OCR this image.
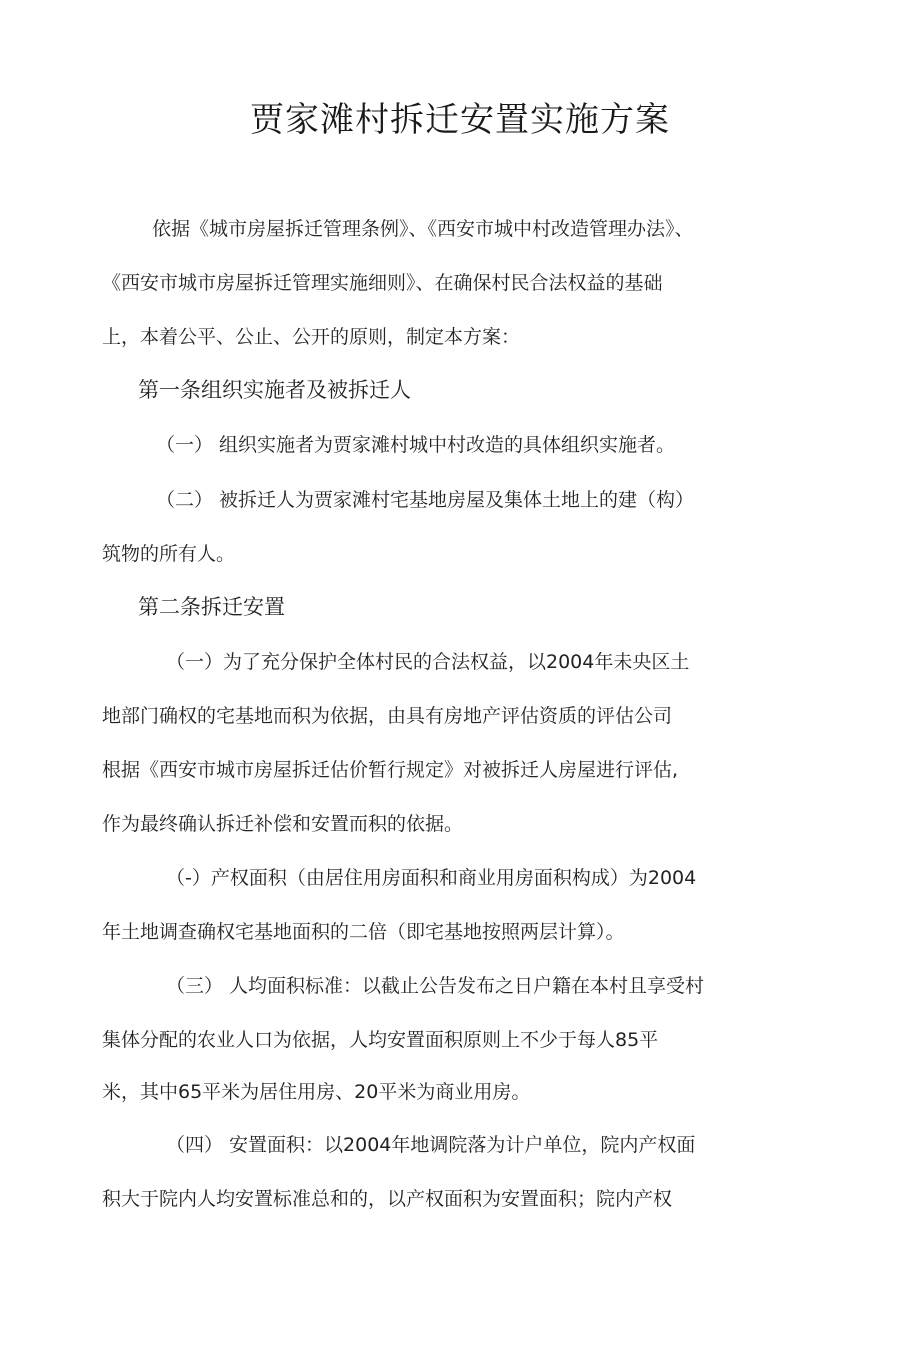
贾家滩村拆迁安置实施方案
依据《城市房屋拆迁管理条例》、《西安市城中村改造管理办法》、
《西安市城市房屋拆迁管理实施细则》、在确保村民合法权益的基础
上，本着公平、公止、公开的原则，制定本方案：
第一条组织实施者及被拆迁人
（一） 组织实施者为贾家滩村城中村改造的具体组织实施者。
（二） 被拆迁人为贾家滩村宅基地房屋及集体土地上的建（构）
筑物的所有人。
第二条拆迁安置
（一）为了充分保护全体村民的合法权益，以2004年未央区土
地部门确权的宅基地而积为依据，由具有房地产评估资质的评估公司
根据《西安市城市房屋拆迁估价暂行规定》对被拆迁人房屋进行评估,
作为最终确认拆迁补偿和安置而积的依据。
（-）产权面积（由居住用房面积和商业用房面积构成）为2004
年土地调查确权宅基地面积的二倍（即宅基地按照两层计算）。
（三） 人均面积标准：以截止公告发布之日户籍在本村且享受村
集体分配的农业人口为依据，人均安置面积原则上不少于每人85平
米，其中65平米为居住用房、20平米为商业用房。
（四） 安置面积：以2004年地调院落为计户单位，院内产权面
积大于院内人均安置标准总和的，以产权面积为安置面积；院内产权
